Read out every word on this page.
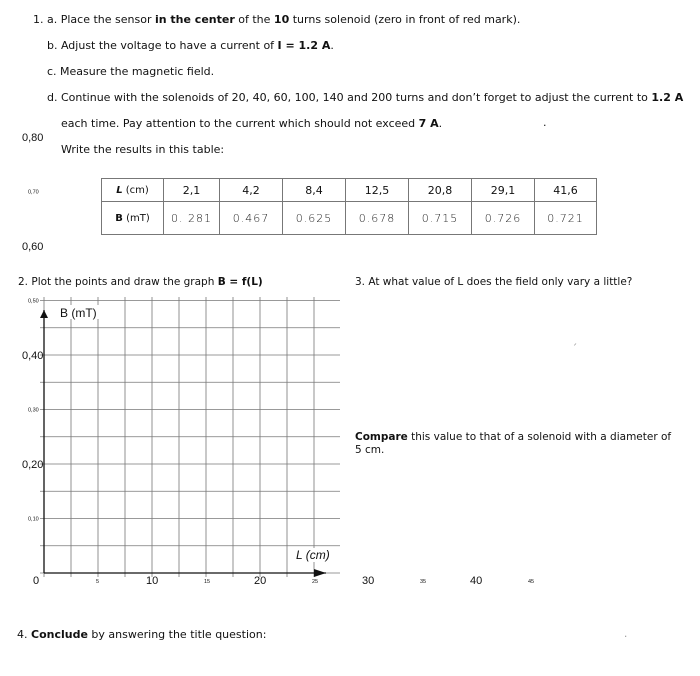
1. a. Place the sensor in the center of the 10 turns solenoid (zero in front of red mark).
b. Adjust the voltage to have a current of I = 1.2 A.
c. Measure the magnetic field.
d. Continue with the solenoids of 20, 40, 60, 100, 140 and 200 turns and don’t forget to adjust the current to 1.2 A
each time. Pay attention to the current which should not exceed 7 A.	.
Write the results in this table:
L (cm)	2,1	4,2	8,4	12,5	20,8	29,1	41,6
B (mT)	0. 281	0.467	0.625	0.678	0.715	0.726	0.721
2. Plot the points and draw the graph B = f(L)	3. At what value of L does the field only vary a little?
ˏ
Compare this value to that of a solenoid with a diameter of
5 cm.
4. Conclude by answering the title question:	.
0,80
0,60
0,40
0,20
0,70
0,50
0,30
0,10
0	10	20	30	40
5	15	25	35	45
B (mT)
L (cm)
